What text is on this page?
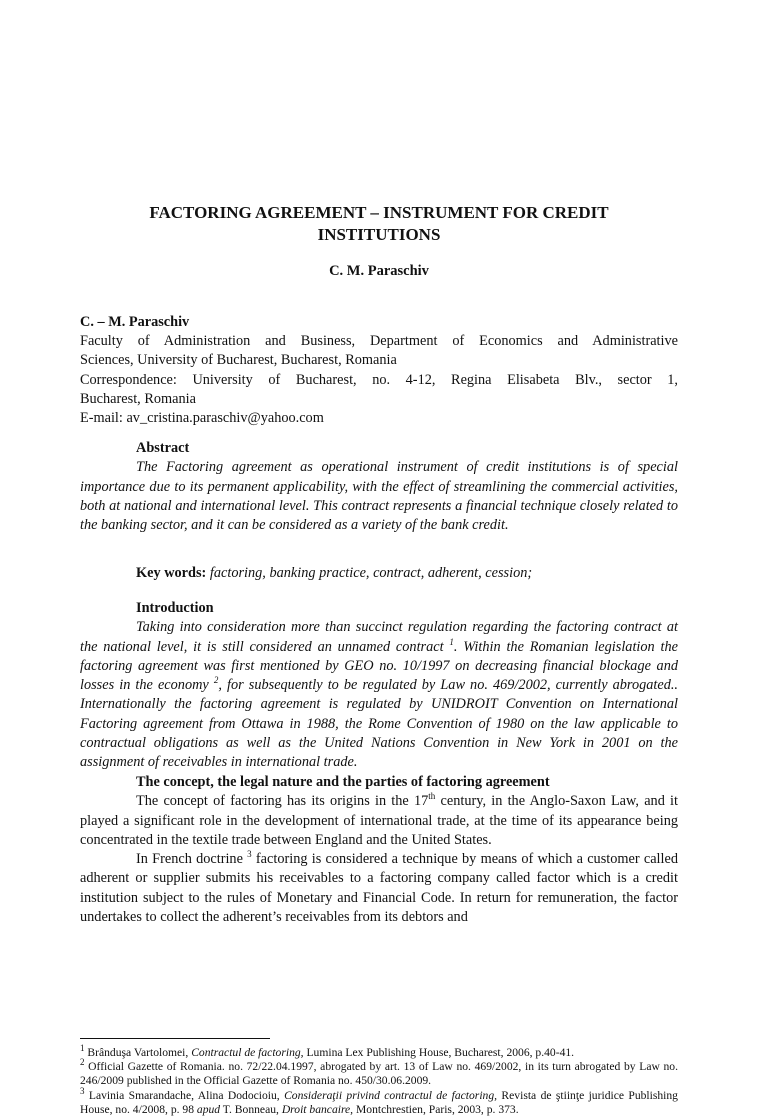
FACTORING AGREEMENT – INSTRUMENT FOR CREDIT
INSTITUTIONS
C. M. Paraschiv

C. – M. Paraschiv

Faculty of Administration and Business, Department of Economics and Administrative

Sciences, University of Bucharest, Bucharest, Romania

Correspondence: University of Bucharest, no. 4-12, Regina Elisabeta Blv., sector 1,

Bucharest, Romania

E-mail: av_cristina.paraschiv@yahoo.com

Abstract

The Factoring agreement as operational instrument of credit institutions is of special importance due to its permanent applicability, with the effect of streamlining the commercial activities, both at national and international level. This contract represents a financial technique closely related to the banking sector, and it can be considered as a variety of the bank credit.

Key words: factoring, banking practice, contract, adherent, cession;
Introduction

Taking into consideration more than succinct regulation regarding the factoring contract at the national level, it is still considered an unnamed contract $^1$. Within the Romanian legislation the factoring agreement was first mentioned by GEO no. 10/1997 on decreasing financial blockage and losses in the economy $^2$, for subsequently to be regulated by Law no. 469/2002, currently abrogated.. Internationally the factoring agreement is regulated by UNIDROIT Convention on International Factoring agreement from Ottawa in 1988, the Rome Convention of 1980 on the law applicable to contractual obligations as well as the United Nations Convention in New York in 2001 on the assignment of receivables in international trade.

The concept, the legal nature and the parties of factoring agreement

The concept of factoring has its origins in the 17th century, in the Anglo-Saxon Law, and it played a significant role in the development of international trade, at the time of its appearance being concentrated in the textile trade between England and the United States.

In French doctrine $^3$ factoring is considered a technique by means of which a customer called adherent or supplier submits his receivables to a factoring company called factor which is a credit institution subject to the rules of Monetary and Financial Code. In return for remuneration, the factor undertakes to collect the adherent’s receivables from its debtors and

$^1$ Brânduşa Vartolomei, Contractul de factoring, Lumina Lex Publishing House, Bucharest, 2006, p.40-41.

$^2$ Official Gazette of Romania. no. 72/22.04.1997, abrogated by art. 13 of Law no. 469/2002, in its turn abrogated by Law no. 246/2009 published in the Official Gazette of Romania no. 450/30.06.2009.

$^3$ Lavinia Smarandache, Alina Dodocioiu, Consideraţii privind contractul de factoring, Revista de ştiinţe juridice Publishing House, no. 4/2008, p. 98 apud T. Bonneau, Droit bancaire, Montchrestien, Paris, 2003, p. 373.
